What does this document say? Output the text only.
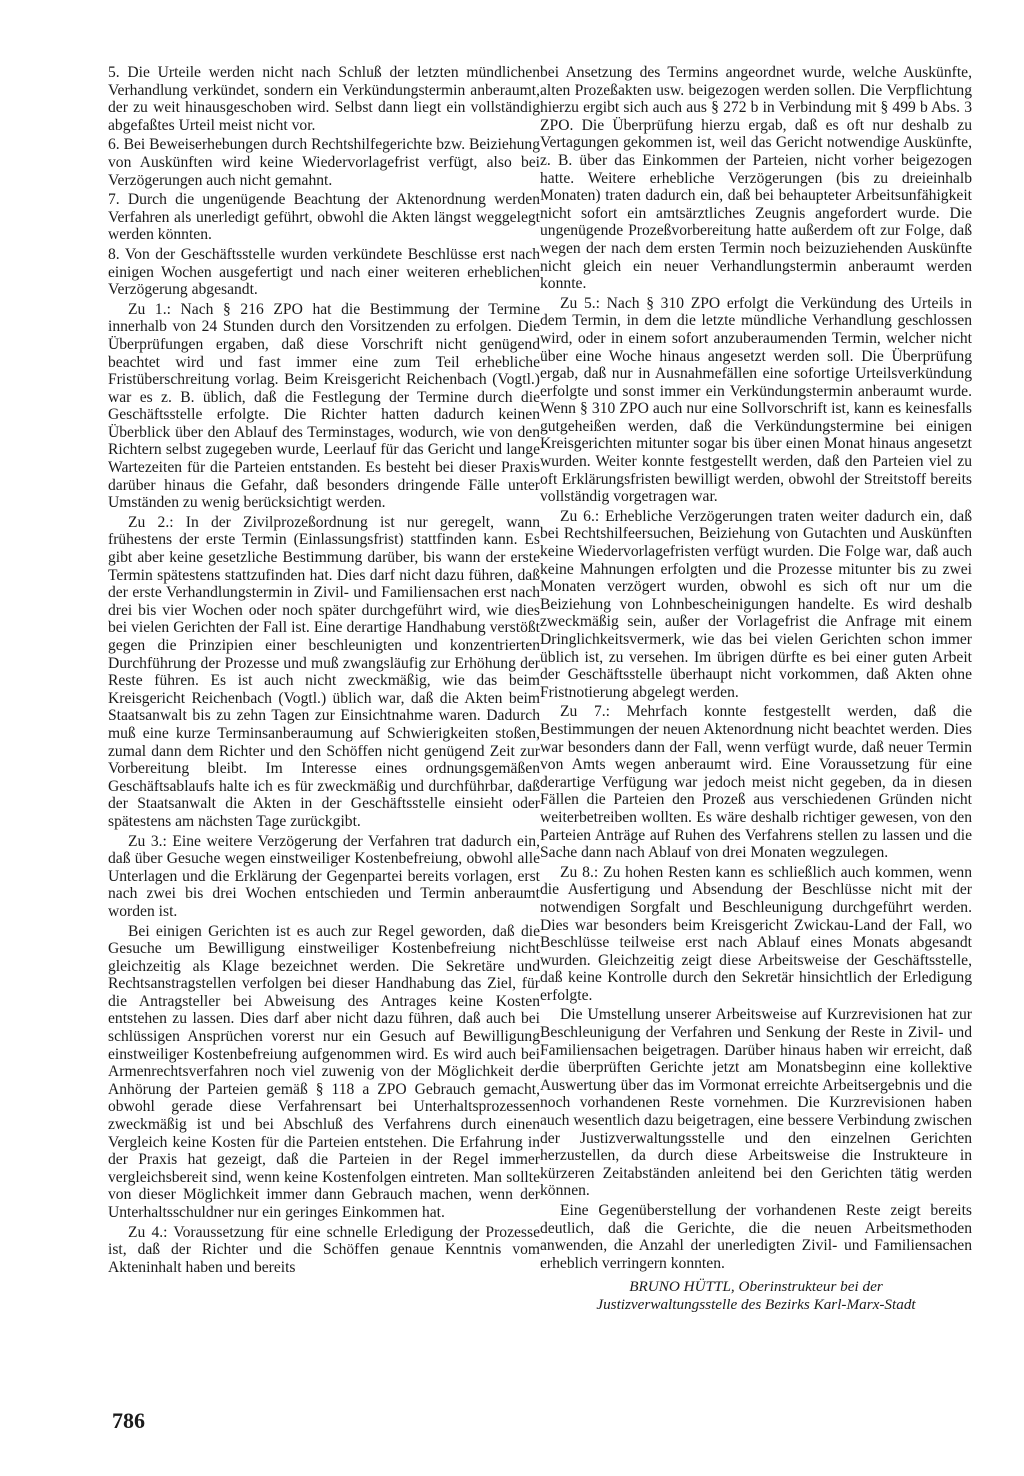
5. Die Urteile werden nicht nach Schluß der letzten mündlichen Verhandlung verkündet, sondern ein Verkündungstermin anberaumt, der zu weit hinausgeschoben wird. Selbst dann liegt ein vollständig abgefaßtes Urteil meist nicht vor.

6. Bei Beweiserhebungen durch Rechtshilfegerichte bzw. Beiziehung von Auskünften wird keine Wiedervorlagefrist verfügt, also bei Verzögerungen auch nicht gemahnt.

7. Durch die ungenügende Beachtung der Aktenordnung werden Verfahren als unerledigt geführt, obwohl die Akten längst weggelegt werden könnten.

8. Von der Geschäftsstelle wurden verkündete Beschlüsse erst nach einigen Wochen ausgefertigt und nach einer weiteren erheblichen Verzögerung abgesandt.

Zu 1.: Nach § 216 ZPO hat die Bestimmung der Termine innerhalb von 24 Stunden durch den Vorsitzenden zu erfolgen. Die Überprüfungen ergaben, daß diese Vorschrift nicht genügend beachtet wird und fast immer eine zum Teil erhebliche Fristüberschreitung vorlag. Beim Kreisgericht Reichenbach (Vogtl.) war es z. B. üblich, daß die Festlegung der Termine durch die Geschäftsstelle erfolgte. Die Richter hatten dadurch keinen Überblick über den Ablauf des Terminstages, wodurch, wie von den Richtern selbst zugegeben wurde, Leerlauf für das Gericht und lange Wartezeiten für die Parteien entstanden. Es besteht bei dieser Praxis darüber hinaus die Gefahr, daß besonders dringende Fälle unter Umständen zu wenig berücksichtigt werden.

Zu 2.: In der Zivilprozeßordnung ist nur geregelt, wann frühestens der erste Termin (Einlassungsfrist) stattfinden kann. Es gibt aber keine gesetzliche Bestimmung darüber, bis wann der erste Termin spätestens stattzufinden hat. Dies darf nicht dazu führen, daß der erste Verhandlungstermin in Zivil- und Familiensachen erst nach drei bis vier Wochen oder noch später durchgeführt wird, wie dies bei vielen Gerichten der Fall ist. Eine derartige Handhabung verstößt gegen die Prinzipien einer beschleunigten und konzentrierten Durchführung der Prozesse und muß zwangsläufig zur Erhöhung der Reste führen. Es ist auch nicht zweckmäßig, wie das beim Kreisgericht Reichenbach (Vogtl.) üblich war, daß die Akten beim Staatsanwalt bis zu zehn Tagen zur Einsichtnahme waren. Dadurch muß eine kurze Terminsanberaumung auf Schwierigkeiten stoßen, zumal dann dem Richter und den Schöffen nicht genügend Zeit zur Vorbereitung bleibt. Im Interesse eines ordnungsgemäßen Geschäftsablaufs halte ich es für zweckmäßig und durchführbar, daß der Staatsanwalt die Akten in der Geschäftsstelle einsieht oder spätestens am nächsten Tage zurückgibt.

Zu 3.: Eine weitere Verzögerung der Verfahren trat dadurch ein, daß über Gesuche wegen einstweiliger Kostenbefreiung, obwohl alle Unterlagen und die Erklärung der Gegenpartei bereits vorlagen, erst nach zwei bis drei Wochen entschieden und Termin anberaumt worden ist.

Bei einigen Gerichten ist es auch zur Regel geworden, daß die Gesuche um Bewilligung einstweiliger Kostenbefreiung nicht gleichzeitig als Klage bezeichnet werden. Die Sekretäre und Rechtsanstragstellen verfolgen bei dieser Handhabung das Ziel, für die Antragsteller bei Abweisung des Antrages keine Kosten entstehen zu lassen. Dies darf aber nicht dazu führen, daß auch bei schlüssigen Ansprüchen vorerst nur ein Gesuch auf Bewilligung einstweiliger Kostenbefreiung aufgenommen wird. Es wird auch bei Armenrechtsverfahren noch viel zuwenig von der Möglichkeit der Anhörung der Parteien gemäß § 118 a ZPO Gebrauch gemacht, obwohl gerade diese Verfahrensart bei Unterhaltsprozessen zweckmäßig ist und bei Abschluß des Verfahrens durch einen Vergleich keine Kosten für die Parteien entstehen. Die Erfahrung in der Praxis hat gezeigt, daß die Parteien in der Regel immer vergleichsbereit sind, wenn keine Kostenfolgen eintreten. Man sollte von dieser Möglichkeit immer dann Gebrauch machen, wenn der Unterhaltsschuldner nur ein geringes Einkommen hat.

Zu 4.: Voraussetzung für eine schnelle Erledigung der Prozesse ist, daß der Richter und die Schöffen genaue Kenntnis vom Akteninhalt haben und bereits

bei Ansetzung des Termins angeordnet wurde, welche Auskünfte, alten Prozeßakten usw. beigezogen werden sollen. Die Verpflichtung hierzu ergibt sich auch aus § 272 b in Verbindung mit § 499 b Abs. 3 ZPO. Die Überprüfung hierzu ergab, daß es oft nur deshalb zu Vertagungen gekommen ist, weil das Gericht notwendige Auskünfte, z. B. über das Einkommen der Parteien, nicht vorher beigezogen hatte. Weitere erhebliche Verzögerungen (bis zu dreieinhalb Monaten) traten dadurch ein, daß bei behaupteter Arbeitsunfähigkeit nicht sofort ein amtsärztliches Zeugnis angefordert wurde. Die ungenügende Prozeßvorbereitung hatte außerdem oft zur Folge, daß wegen der nach dem ersten Termin noch beizuziehenden Auskünfte nicht gleich ein neuer Verhandlungstermin anberaumt werden konnte.

Zu 5.: Nach § 310 ZPO erfolgt die Verkündung des Urteils in dem Termin, in dem die letzte mündliche Verhandlung geschlossen wird, oder in einem sofort anzuberaumenden Termin, welcher nicht über eine Woche hinaus angesetzt werden soll. Die Überprüfung ergab, daß nur in Ausnahmefällen eine sofortige Urteilsverkündung erfolgte und sonst immer ein Verkündungstermin anberaumt wurde. Wenn § 310 ZPO auch nur eine Sollvorschrift ist, kann es keinesfalls gutgeheißen werden, daß die Verkündungstermine bei einigen Kreisgerichten mitunter sogar bis über einen Monat hinaus angesetzt wurden. Weiter konnte festgestellt werden, daß den Parteien viel zu oft Erklärungsfristen bewilligt werden, obwohl der Streitstoff bereits vollständig vorgetragen war.

Zu 6.: Erhebliche Verzögerungen traten weiter dadurch ein, daß bei Rechtshilfeersuchen, Beiziehung von Gutachten und Auskünften keine Wiedervorlagefristen verfügt wurden. Die Folge war, daß auch keine Mahnungen erfolgten und die Prozesse mitunter bis zu zwei Monaten verzögert wurden, obwohl es sich oft nur um die Beiziehung von Lohnbescheinigungen handelte. Es wird deshalb zweckmäßig sein, außer der Vorlagefrist die Anfrage mit einem Dringlichkeitsvermerk, wie das bei vielen Gerichten schon immer üblich ist, zu versehen. Im übrigen dürfte es bei einer guten Arbeit der Geschäftsstelle überhaupt nicht vorkommen, daß Akten ohne Fristnotierung abgelegt werden.

Zu 7.: Mehrfach konnte festgestellt werden, daß die Bestimmungen der neuen Aktenordnung nicht beachtet werden. Dies war besonders dann der Fall, wenn verfügt wurde, daß neuer Termin von Amts wegen anberaumt wird. Eine Voraussetzung für eine derartige Verfügung war jedoch meist nicht gegeben, da in diesen Fällen die Parteien den Prozeß aus verschiedenen Gründen nicht weiterbetreiben wollten. Es wäre deshalb richtiger gewesen, von den Parteien Anträge auf Ruhen des Verfahrens stellen zu lassen und die Sache dann nach Ablauf von drei Monaten wegzulegen.

Zu 8.: Zu hohen Resten kann es schließlich auch kommen, wenn die Ausfertigung und Absendung der Beschlüsse nicht mit der notwendigen Sorgfalt und Beschleunigung durchgeführt werden. Dies war besonders beim Kreisgericht Zwickau-Land der Fall, wo Beschlüsse teilweise erst nach Ablauf eines Monats abgesandt wurden. Gleichzeitig zeigt diese Arbeitsweise der Geschäftsstelle, daß keine Kontrolle durch den Sekretär hinsichtlich der Erledigung erfolgte.

Die Umstellung unserer Arbeitsweise auf Kurzrevisionen hat zur Beschleunigung der Verfahren und Senkung der Reste in Zivil- und Familiensachen beigetragen. Darüber hinaus haben wir erreicht, daß die überprüften Gerichte jetzt am Monatsbeginn eine kollektive Auswertung über das im Vormonat erreichte Arbeitsergebnis und die noch vorhandenen Reste vornehmen. Die Kurzrevisionen haben auch wesentlich dazu beigetragen, eine bessere Verbindung zwischen der Justizverwaltungsstelle und den einzelnen Gerichten herzustellen, da durch diese Arbeitsweise die Instrukteure in kürzeren Zeitabständen anleitend bei den Gerichten tätig werden können.

Eine Gegenüberstellung der vorhandenen Reste zeigt bereits deutlich, daß die Gerichte, die die neuen Arbeitsmethoden anwenden, die Anzahl der unerledigten Zivil- und Familiensachen erheblich verringern konnten.

BRUNO HÜTTL, Oberinstrukteur bei der
Justizverwaltungsstelle des Bezirks Karl-Marx-Stadt
786
